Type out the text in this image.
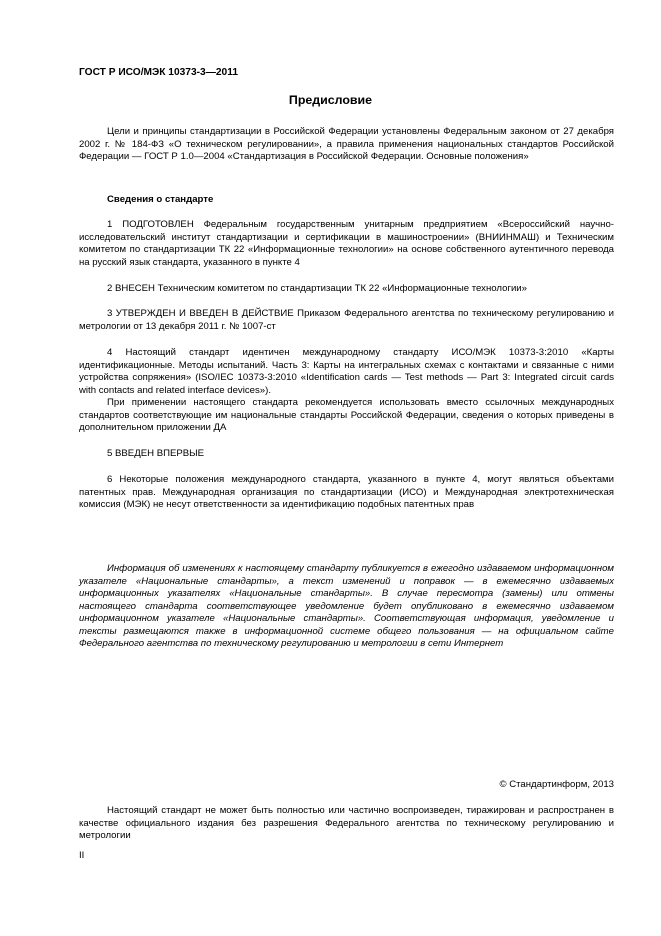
ГОСТ Р ИСО/МЭК 10373-3—2011
Предисловие
Цели и принципы стандартизации в Российской Федерации установлены Федеральным законом от 27 декабря 2002 г. № 184-ФЗ «О техническом регулировании», а правила применения национальных стандартов Российской Федерации — ГОСТ Р 1.0—2004 «Стандартизация в Российской Федерации. Основные положения»
Сведения о стандарте
1 ПОДГОТОВЛЕН Федеральным государственным унитарным предприятием «Всероссийский научно-исследовательский институт стандартизации и сертификации в машиностроении» (ВНИИНМАШ) и Техническим комитетом по стандартизации ТК 22 «Информационные технологии» на основе собственного аутентичного перевода на русский язык стандарта, указанного в пункте 4
2 ВНЕСЕН Техническим комитетом по стандартизации ТК 22 «Информационные технологии»
3 УТВЕРЖДЕН И ВВЕДЕН В ДЕЙСТВИЕ Приказом Федерального агентства по техническому регулированию и метрологии от 13 декабря 2011 г. № 1007-ст
4 Настоящий стандарт идентичен международному стандарту ИСО/МЭК 10373-3:2010 «Карты идентификационные. Методы испытаний. Часть 3: Карты на интегральных схемах с контактами и связанные с ними устройства сопряжения» (ISO/IEC 10373-3:2010 «Identification cards — Test methods — Part 3: Integrated circuit cards with contacts and related interface devices»).
При применении настоящего стандарта рекомендуется использовать вместо ссылочных международных стандартов соответствующие им национальные стандарты Российской Федерации, сведения о которых приведены в дополнительном приложении ДА
5 ВВЕДЕН ВПЕРВЫЕ
6 Некоторые положения международного стандарта, указанного в пункте 4, могут являться объектами патентных прав. Международная организация по стандартизации (ИСО) и Международная электротехническая комиссия (МЭК) не несут ответственности за идентификацию подобных патентных прав
Информация об изменениях к настоящему стандарту публикуется в ежегодно издаваемом информационном указателе «Национальные стандарты», а текст изменений и поправок — в ежемесячно издаваемых информационных указателях «Национальные стандарты». В случае пересмотра (замены) или отмены настоящего стандарта соответствующее уведомление будет опубликовано в ежемесячно издаваемом информационном указателе «Национальные стандарты». Соответствующая информация, уведомление и тексты размещаются также в информационной системе общего пользования — на официальном сайте Федерального агентства по техническому регулированию и метрологии в сети Интернет
© Стандартинформ, 2013
Настоящий стандарт не может быть полностью или частично воспроизведен, тиражирован и распространен в качестве официального издания без разрешения Федерального агентства по техническому регулированию и метрологии
II
